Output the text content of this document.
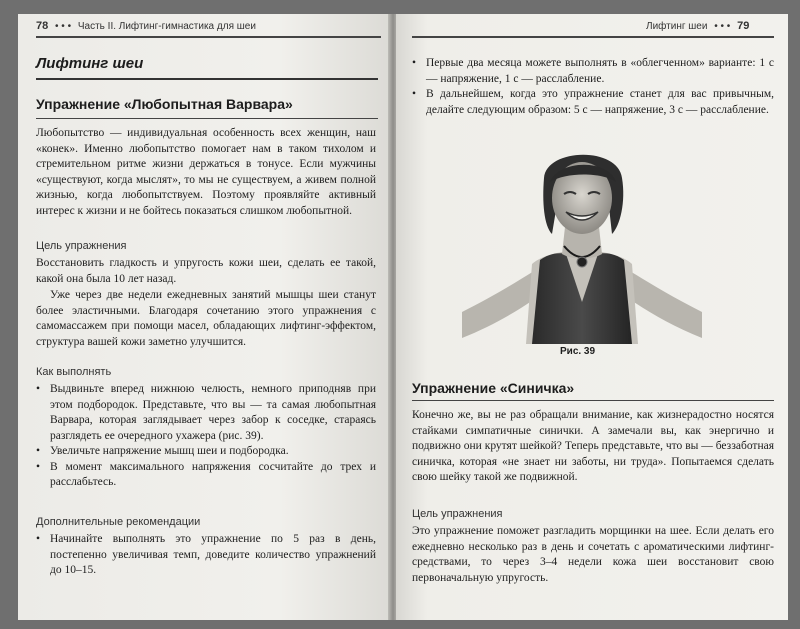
78 • • • Часть II. Лифтинг-гимнастика для шеи
Лифтинг шеи
Упражнение «Любопытная Варвара»
Любопытство — индивидуальная особенность всех женщин, наш «конек». Именно любопытство помогает нам в таком тихолом и стремительном ритме жизни держаться в тонусе. Если мужчины «существуют, когда мыслят», то мы не существуем, а живем полной жизнью, когда любопытствуем. Поэтому проявляйте активный интерес к жизни и не бойтесь показаться слишком любопытной.
Цель упражнения
Восстановить гладкость и упругость кожи шеи, сделать ее такой, какой она была 10 лет назад.
Уже через две недели ежедневных занятий мышцы шеи станут более эластичными. Благодаря сочетанию этого упражнения с самомассажем при помощи масел, обладающих лифтинг-эффектом, структура вашей кожи заметно улучшится.
Как выполнять
• Выдвиньте вперед нижнюю челюсть, немного приподняв при этом подбородок. Представьте, что вы — та самая любопытная Варвара, которая заглядывает через забор к соседке, стараясь разглядеть ее очередного ухажера (рис. 39).
• Увеличьте напряжение мышц шеи и подбородка.
• В момент максимального напряжения сосчитайте до трех и расслабьтесь.
Дополнительные рекомендации
• Начинайте выполнять это упражнение по 5 раз в день, постепенно увеличивая темп, доведите количество упражнений до 10–15.
Лифтинг шеи • • • 79
• Первые два месяца можете выполнять в «облегченном» варианте: 1 с — напряжение, 1 с — расслабление.
• В дальнейшем, когда это упражнение станет для вас привычным, делайте следующим образом: 5 с — напряжение, 3 с — расслабление.
Рис. 39
Упражнение «Синичка»
Конечно же, вы не раз обращали внимание, как жизнерадостно носятся стайками симпатичные синички. А замечали вы, как энергично и подвижно они крутят шейкой? Теперь представьте, что вы — беззаботная синичка, которая «не знает ни заботы, ни труда». Попытаемся сделать свою шейку такой же подвижной.
Цель упражнения
Это упражнение поможет разгладить морщинки на шее. Если делать его ежедневно несколько раз в день и сочетать с ароматическими лифтинг-средствами, то через 3–4 недели кожа шеи восстановит свою первоначальную упругость.
